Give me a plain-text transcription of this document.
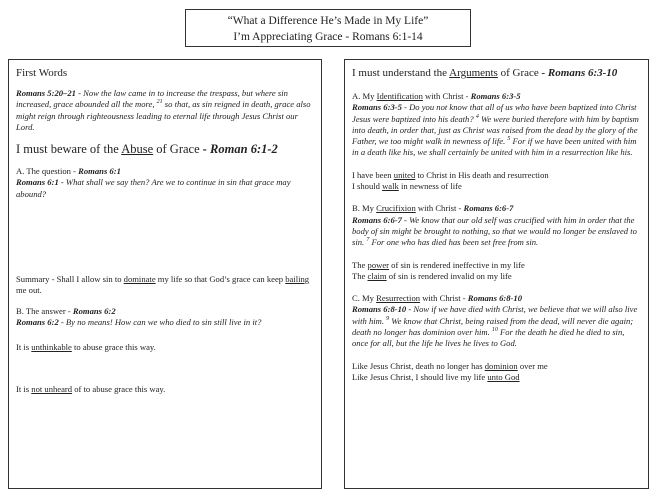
“What a Difference He’s Made in My Life”
I’m Appreciating Grace - Romans 6:1-14
First Words

Romans 5:20–21 - Now the law came in to increase the trespass, but where sin increased, grace abounded all the more, $^{21}$ so that, as sin reigned in death, grace also might reign through righteousness leading to eternal life through Jesus Christ our Lord.

I must beware of the Abuse of Grace - Roman 6:1-2

A. The question - Romans 6:1

Romans 6:1 - What shall we say then? Are we to continue in sin that grace may abound?

Summary - Shall I allow sin to dominate my life so that God’s grace can keep bailing me out.

B. The answer - Romans 6:2

Romans 6:2 - By no means! How can we who died to sin still live in it?

It is unthinkable to abuse grace this way.

It is not unheard of to abuse grace this way.

I must understand the Arguments of Grace - Romans 6:3-10

A. My Identification with Christ - Romans 6:3-5

Romans 6:3-5 - Do you not know that all of us who have been baptized into Christ Jesus were baptized into his death? $^4$ We were buried therefore with him by baptism into death, in order that, just as Christ was raised from the dead by the glory of the Father, we too might walk in newness of life. $^5$ For if we have been united with him in a death like his, we shall certainly be united with him in a resurrection like his.

I have been united to Christ in His death and resurrection

I should walk in newness of life

B. My Crucifixion with Christ - Romans 6:6-7

Romans 6:6-7 - We know that our old self was crucified with him in order that the body of sin might be brought to nothing, so that we would no longer be enslaved to sin. $^7$ For one who has died has been set free from sin.

The power of sin is rendered ineffective in my life

The claim of sin is rendered invalid on my life

C. My Resurrection with Christ - Romans 6:8-10

Romans 6:8-10 - Now if we have died with Christ, we believe that we will also live with him. $^9$ We know that Christ, being raised from the dead, will never die again; death no longer has dominion over him. $^{10}$ For the death he died he died to sin, once for all, but the life he lives he lives to God.

Like Jesus Christ, death no longer has dominion over me

Like Jesus Christ, I should live my life unto God
